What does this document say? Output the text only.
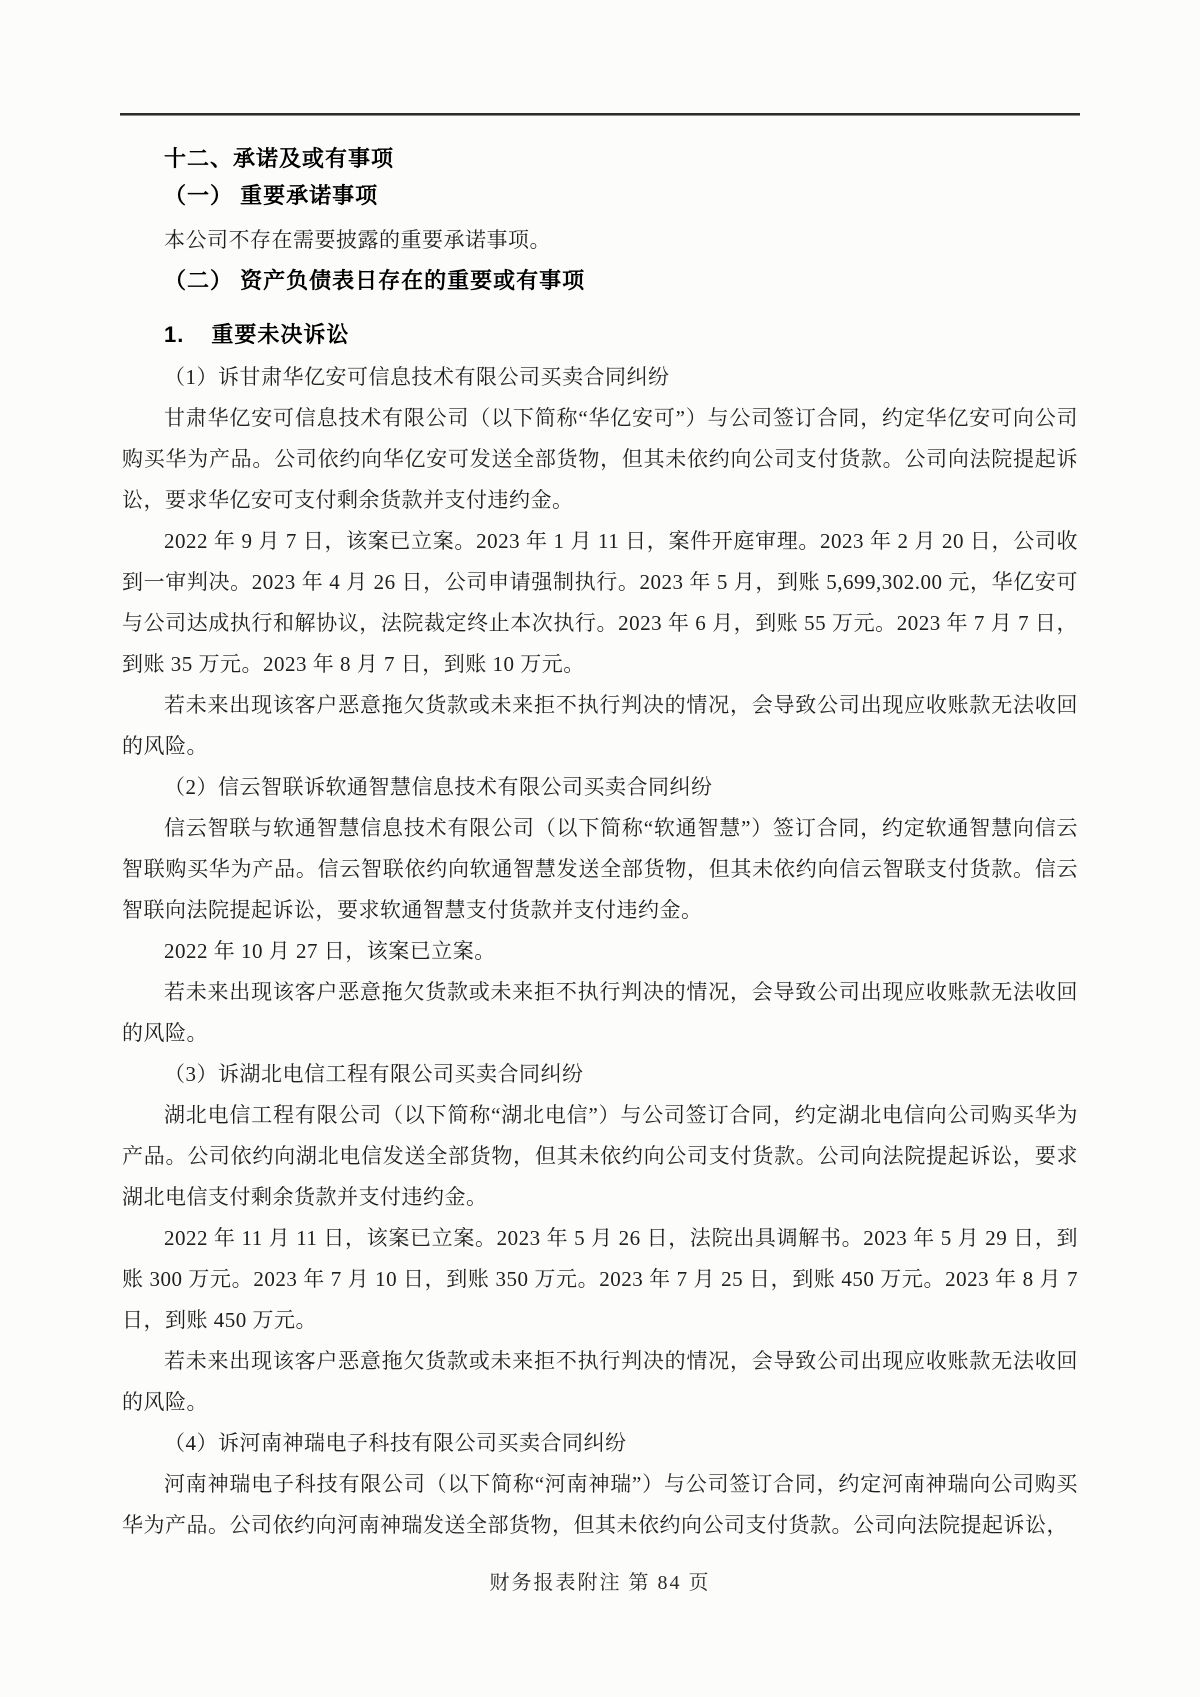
十二、承诺及或有事项
（一） 重要承诺事项

本公司不存在需要披露的重要承诺事项。

（二） 资产负债表日存在的重要或有事项
1. 重要未决诉讼

（1）诉甘肃华亿安可信息技术有限公司买卖合同纠纷

甘肃华亿安可信息技术有限公司（以下简称“华亿安可”）与公司签订合同，约定华亿安可向公司购买华为产品。公司依约向华亿安可发送全部货物，但其未依约向公司支付货款。公司向法院提起诉讼，要求华亿安可支付剩余货款并支付违约金。

2022 年 9 月 7 日，该案已立案。2023 年 1 月 11 日，案件开庭审理。2023 年 2 月 20 日，公司收到一审判决。2023 年 4 月 26 日，公司申请强制执行。2023 年 5 月，到账 5,699,302.00 元，华亿安可与公司达成执行和解协议，法院裁定终止本次执行。2023 年 6 月，到账 55 万元。2023 年 7 月 7 日，到账 35 万元。2023 年 8 月 7 日，到账 10 万元。

若未来出现该客户恶意拖欠货款或未来拒不执行判决的情况，会导致公司出现应收账款无法收回的风险。

（2）信云智联诉软通智慧信息技术有限公司买卖合同纠纷

信云智联与软通智慧信息技术有限公司（以下简称“软通智慧”）签订合同，约定软通智慧向信云智联购买华为产品。信云智联依约向软通智慧发送全部货物，但其未依约向信云智联支付货款。信云智联向法院提起诉讼，要求软通智慧支付货款并支付违约金。

2022 年 10 月 27 日，该案已立案。

若未来出现该客户恶意拖欠货款或未来拒不执行判决的情况，会导致公司出现应收账款无法收回的风险。

（3）诉湖北电信工程有限公司买卖合同纠纷

湖北电信工程有限公司（以下简称“湖北电信”）与公司签订合同，约定湖北电信向公司购买华为产品。公司依约向湖北电信发送全部货物，但其未依约向公司支付货款。公司向法院提起诉讼，要求湖北电信支付剩余货款并支付违约金。

2022 年 11 月 11 日，该案已立案。2023 年 5 月 26 日，法院出具调解书。2023 年 5 月 29 日，到账 300 万元。2023 年 7 月 10 日，到账 350 万元。2023 年 7 月 25 日，到账 450 万元。2023 年 8 月 7 日，到账 450 万元。

若未来出现该客户恶意拖欠货款或未来拒不执行判决的情况，会导致公司出现应收账款无法收回的风险。

（4）诉河南神瑞电子科技有限公司买卖合同纠纷

河南神瑞电子科技有限公司（以下简称“河南神瑞”）与公司签订合同，约定河南神瑞向公司购买华为产品。公司依约向河南神瑞发送全部货物，但其未依约向公司支付货款。公司向法院提起诉讼，

财务报表附注 第 84 页
